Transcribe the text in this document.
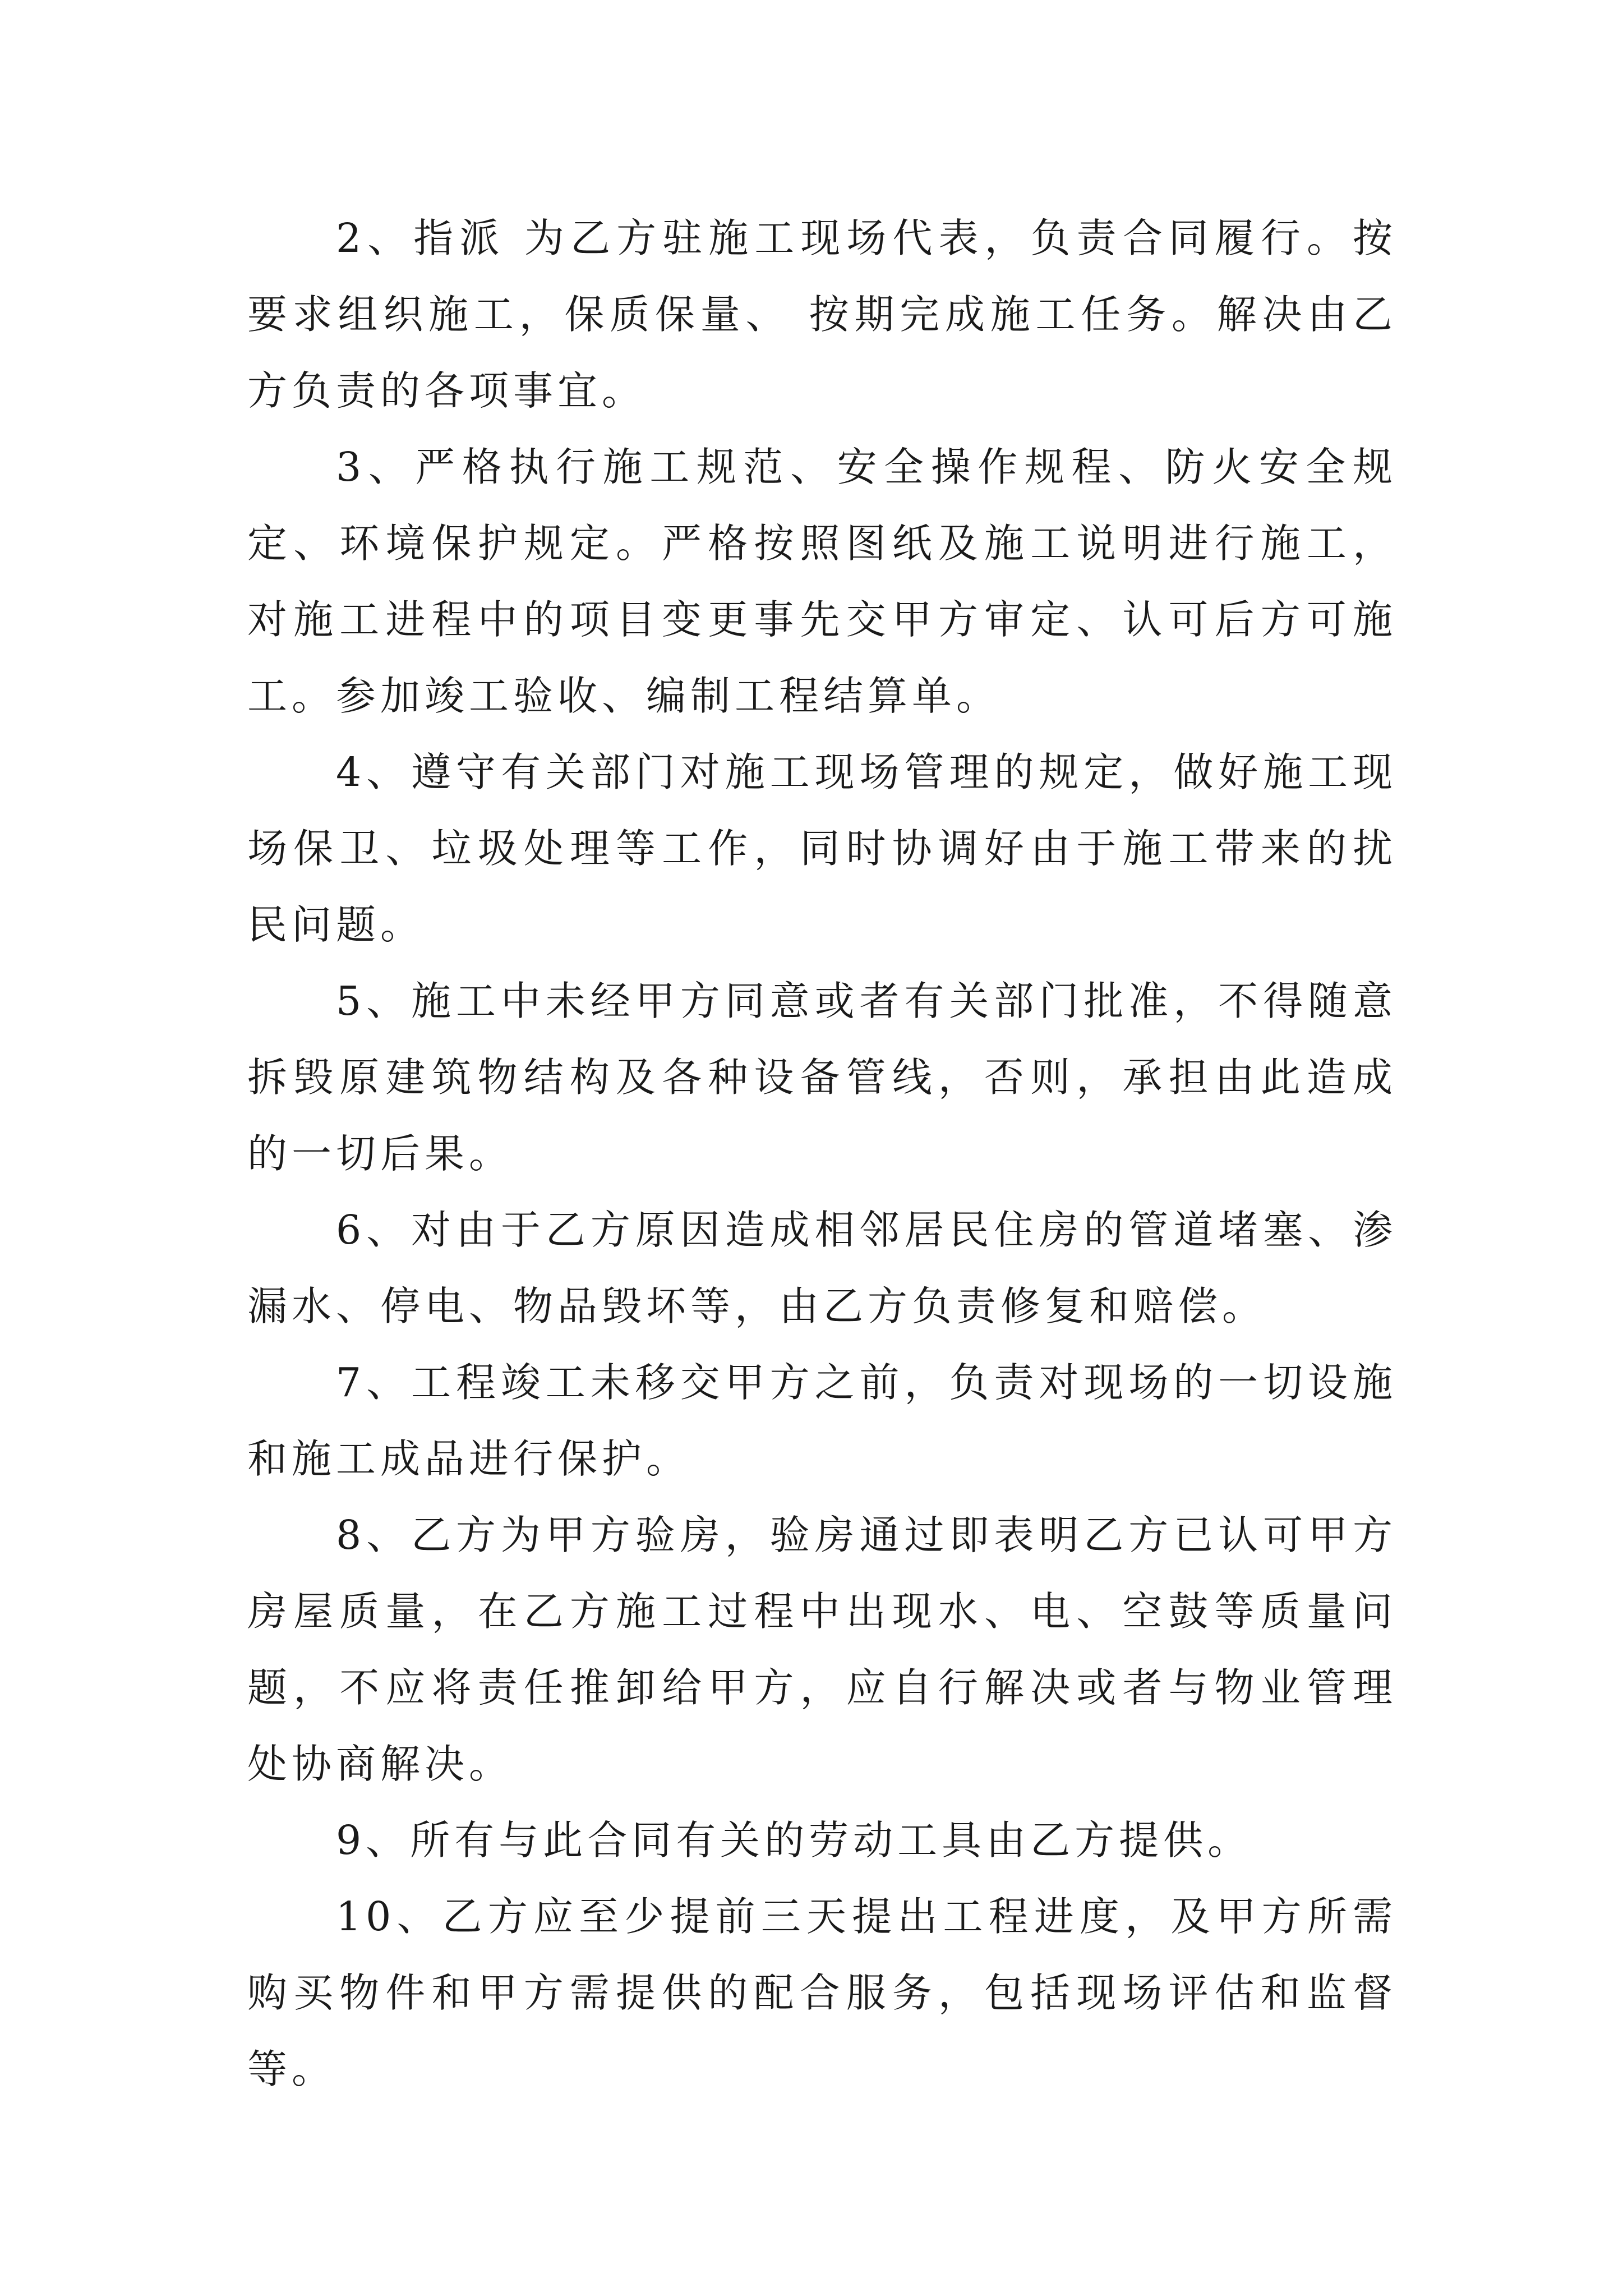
2、指派 为乙方驻施工现场代表，负责合同履行。按要求组织施工，保质保量、 按期完成施工任务。解决由乙方负责的各项事宜。

3、严格执行施工规范、安全操作规程、防火安全规定、环境保护规定。严格按照图纸及施工说明进行施工，对施工进程中的项目变更事先交甲方审定、认可后方可施工。参加竣工验收、编制工程结算单。

4、遵守有关部门对施工现场管理的规定，做好施工现场保卫、垃圾处理等工作，同时协调好由于施工带来的扰民问题。

5、施工中未经甲方同意或者有关部门批准，不得随意拆毁原建筑物结构及各种设备管线，否则，承担由此造成的一切后果。

6、对由于乙方原因造成相邻居民住房的管道堵塞、渗漏水、停电、物品毁坏等，由乙方负责修复和赔偿。

7、工程竣工未移交甲方之前，负责对现场的一切设施和施工成品进行保护。

8、乙方为甲方验房，验房通过即表明乙方已认可甲方房屋质量，在乙方施工过程中出现水、电、空鼓等质量问题，不应将责任推卸给甲方，应自行解决或者与物业管理处协商解决。

9、所有与此合同有关的劳动工具由乙方提供。

10、乙方应至少提前三天提出工程进度，及甲方所需购买物件和甲方需提供的配合服务，包括现场评估和监督等。
